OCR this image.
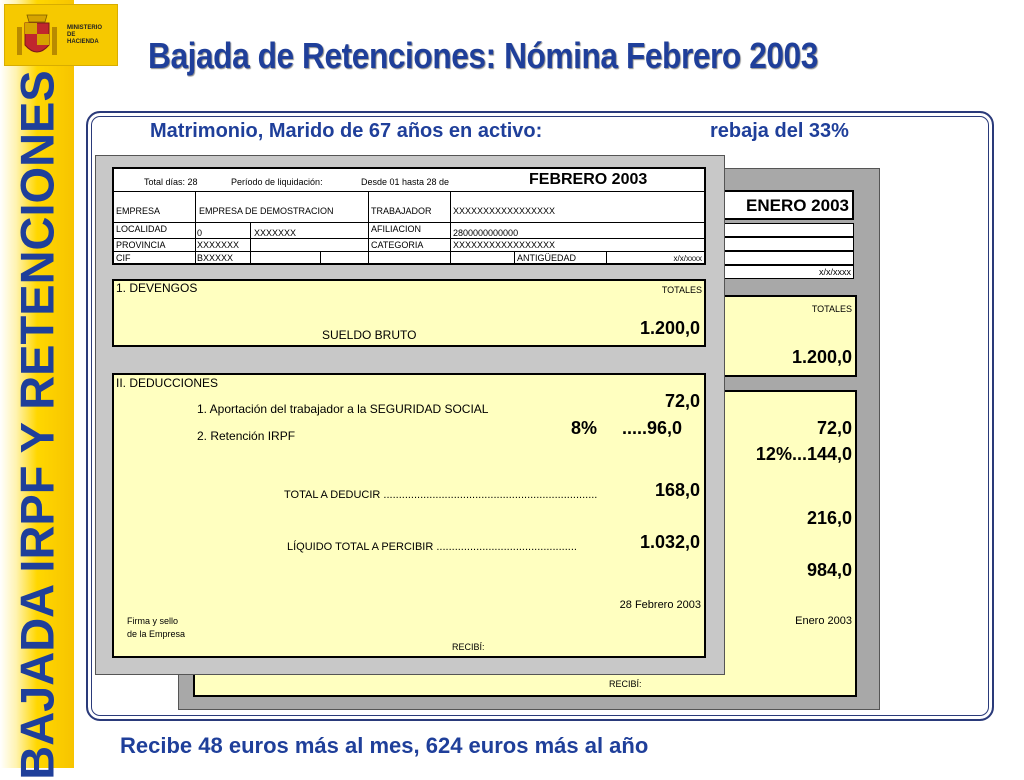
BAJADA IRPF Y RETENCIONES
MINISTERIO
DE
HACIENDA Bajada de Retenciones: Nómina Febrero 2003
Matrimonio, Marido de 67 años en activo:	rebaja del 33%
ENERO 2003
x/x/xxxx
TOTALES
1.200,0
72,0
12%...144,0
216,0
984,0
Enero 2003
RECIBÍ:
Total días: 28	Período de liquidación:	Desde 01 hasta 28 de	FEBRERO 2003
EMPRESA	EMPRESA DE DEMOSTRACION	TRABAJADOR XXXXXXXXXXXXXXXXX
LOCALIDAD	0	XXXXXXX	AFILIACION	2800000000000
PROVINCIA	XXXXXXX	CATEGORIA	XXXXXXXXXXXXXXXXX
CIF	BXXXXX	ANTIGÜEDAD	x/x/xxxx
1. DEVENGOS	TOTALES
SUELDO BRUTO	1.200,0
II. DEDUCCIONES
1. Aportación del trabajador a la SEGURIDAD SOCIAL	72,0
2. Retención IRPF	8% .....96,0
TOTAL A DEDUCIR ......................................................................	168,0
LÍQUIDO TOTAL A PERCIBIR ..............................................	1.032,0
28 Febrero 2003
Firma y sello
de la Empresa
RECIBÍ:
Recibe 48 euros más al mes, 624 euros más al año
